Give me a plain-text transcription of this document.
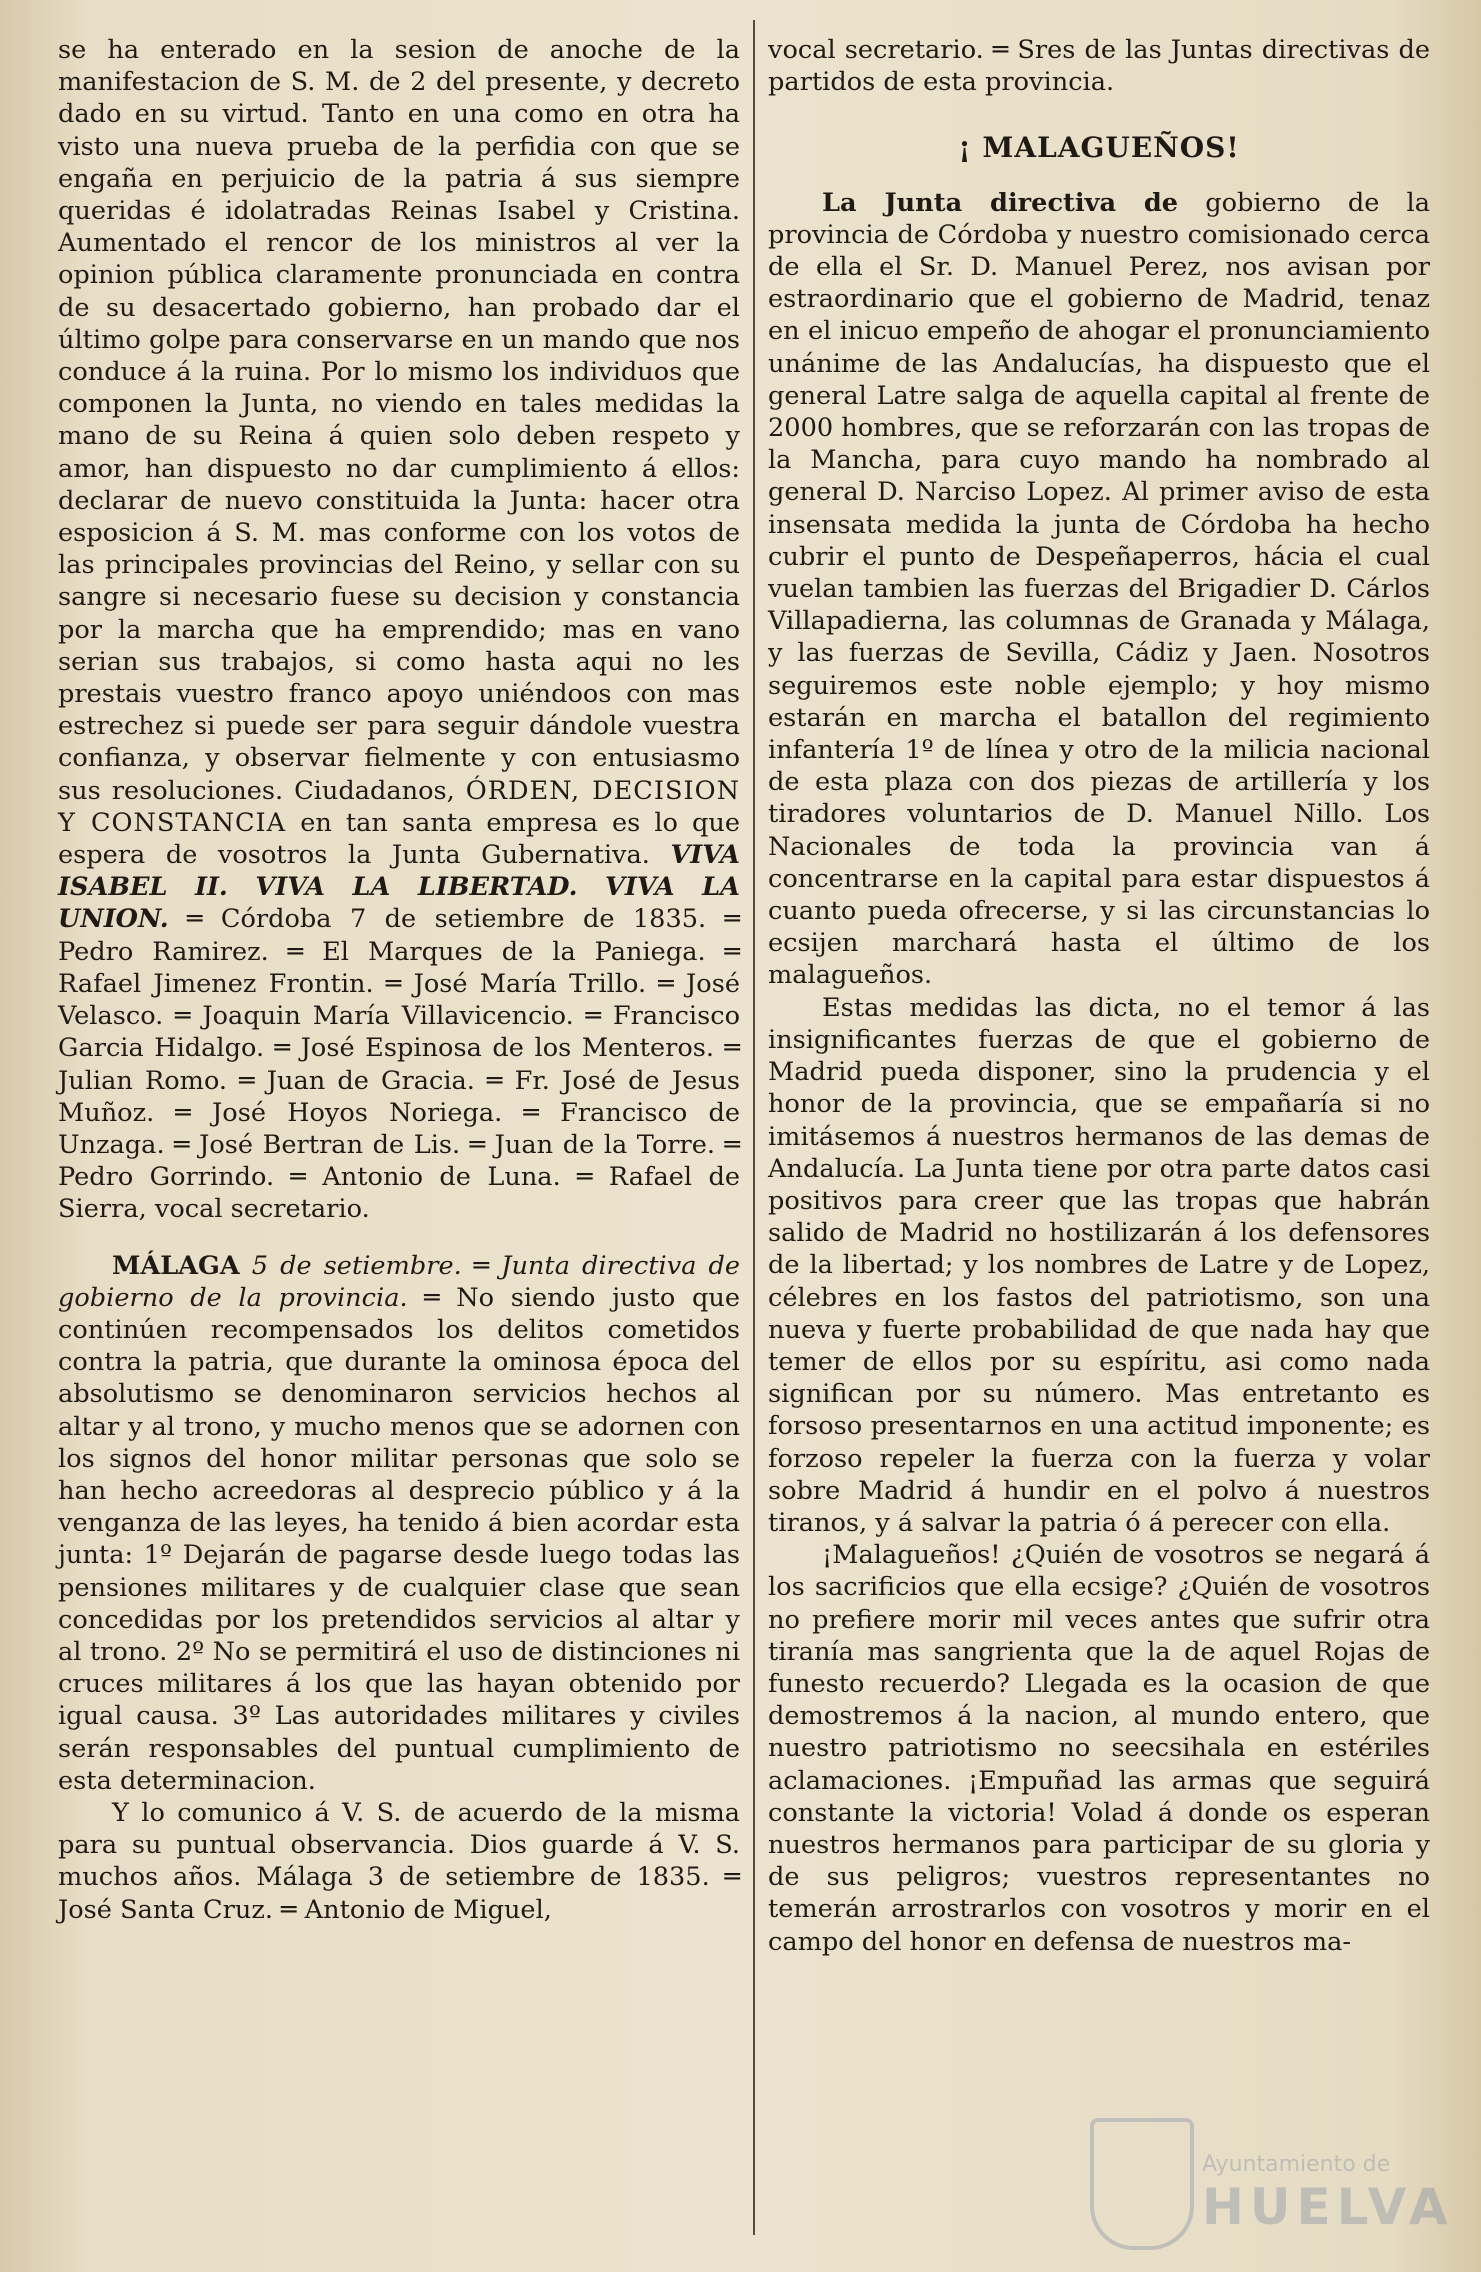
se ha enterado en la sesion de anoche de la manifestacion de S. M. de 2 del presente, y decreto dado en su virtud. Tanto en una como en otra ha visto una nueva prueba de la perfidia con que se engaña en perjuicio de la patria á sus siempre queridas é idolatradas Reinas Isabel y Cristina. Aumentado el rencor de los ministros al ver la opinion pública claramente pronunciada en contra de su desacertado gobierno, han probado dar el último golpe para conservarse en un mando que nos conduce á la ruina. Por lo mismo los individuos que componen la Junta, no viendo en tales medidas la mano de su Reina á quien solo deben respeto y amor, han dispuesto no dar cumplimiento á ellos: declarar de nuevo constituida la Junta: hacer otra esposicion á S. M. mas conforme con los votos de las principales provincias del Reino, y sellar con su sangre si necesario fuese su decision y constancia por la marcha que ha emprendido; mas en vano serian sus trabajos, si como hasta aqui no les prestais vuestro franco apoyo uniéndoos con mas estrechez si puede ser para seguir dándole vuestra confianza, y observar fielmente y con entusiasmo sus resoluciones. Ciudadanos, ÓRDEN, DECISION Y CONSTANCIA en tan santa empresa es lo que espera de vosotros la Junta Gubernativa. VIVA ISABEL II. VIVA LA LIBERTAD. VIVA LA UNION. ═ Córdoba 7 de setiembre de 1835. ═ Pedro Ramirez. ═ El Marques de la Paniega. ═ Rafael Jimenez Frontin. ═ José María Trillo. ═ José Velasco. ═ Joaquin María Villavicencio. ═ Francisco Garcia Hidalgo. ═ José Espinosa de los Menteros. ═ Julian Romo. ═ Juan de Gracia. ═ Fr. José de Jesus Muñoz. ═ José Hoyos Noriega. ═ Francisco de Unzaga. ═ José Bertran de Lis. ═ Juan de la Torre. ═ Pedro Gorrindo. ═ Antonio de Luna. ═ Rafael de Sierra, vocal secretario.

MÁLAGA 5 de setiembre. ═ Junta directiva de gobierno de la provincia. ═ No siendo justo que continúen recompensados los delitos cometidos contra la patria, que durante la ominosa época del absolutismo se denominaron servicios hechos al altar y al trono, y mucho menos que se adornen con los signos del honor militar personas que solo se han hecho acreedoras al desprecio público y á la venganza de las leyes, ha tenido á bien acordar esta junta: 1º Dejarán de pagarse desde luego todas las pensiones militares y de cualquier clase que sean concedidas por los pretendidos servicios al altar y al trono. 2º No se permitirá el uso de distinciones ni cruces militares á los que las hayan obtenido por igual causa. 3º Las autoridades militares y civiles serán responsables del puntual cumplimiento de esta determinacion.

Y lo comunico á V. S. de acuerdo de la misma para su puntual observancia. Dios guarde á V. S. muchos años. Málaga 3 de setiembre de 1835. ═ José Santa Cruz. ═ Antonio de Miguel,

vocal secretario. ═ Sres de las Juntas directivas de partidos de esta provincia.

¡ MALAGUEÑOS!

La Junta directiva de gobierno de la provincia de Córdoba y nuestro comisionado cerca de ella el Sr. D. Manuel Perez, nos avisan por estraordinario que el gobierno de Madrid, tenaz en el inicuo empeño de ahogar el pronunciamiento unánime de las Andalucías, ha dispuesto que el general Latre salga de aquella capital al frente de 2000 hombres, que se reforzarán con las tropas de la Mancha, para cuyo mando ha nombrado al general D. Narciso Lopez. Al primer aviso de esta insensata medida la junta de Córdoba ha hecho cubrir el punto de Despeñaperros, hácia el cual vuelan tambien las fuerzas del Brigadier D. Cárlos Villapadierna, las columnas de Granada y Málaga, y las fuerzas de Sevilla, Cádiz y Jaen. Nosotros seguiremos este noble ejemplo; y hoy mismo estarán en marcha el batallon del regimiento infantería 1º de línea y otro de la milicia nacional de esta plaza con dos piezas de artillería y los tiradores voluntarios de D. Manuel Nillo. Los Nacionales de toda la provincia van á concentrarse en la capital para estar dispuestos á cuanto pueda ofrecerse, y si las circunstancias lo ecsijen marchará hasta el último de los malagueños.

Estas medidas las dicta, no el temor á las insignificantes fuerzas de que el gobierno de Madrid pueda disponer, sino la prudencia y el honor de la provincia, que se empañaría si no imitásemos á nuestros hermanos de las demas de Andalucía. La Junta tiene por otra parte datos casi positivos para creer que las tropas que habrán salido de Madrid no hostilizarán á los defensores de la libertad; y los nombres de Latre y de Lopez, célebres en los fastos del patriotismo, son una nueva y fuerte probabilidad de que nada hay que temer de ellos por su espíritu, asi como nada significan por su número. Mas entretanto es forsoso presentarnos en una actitud imponente; es forzoso repeler la fuerza con la fuerza y volar sobre Madrid á hundir en el polvo á nuestros tiranos, y á salvar la patria ó á perecer con ella.

¡Malagueños! ¿Quién de vosotros se negará á los sacrificios que ella ecsige? ¿Quién de vosotros no prefiere morir mil veces antes que sufrir otra tiranía mas sangrienta que la de aquel Rojas de funesto recuerdo? Llegada es la ocasion de que demostremos á la nacion, al mundo entero, que nuestro patriotismo no seecsihala en estériles aclamaciones. ¡Empuñad las armas que seguirá constante la victoria! Volad á donde os esperan nuestros hermanos para participar de su gloria y de sus peligros; vuestros representantes no temerán arrostrarlos con vosotros y morir en el campo del honor en defensa de nuestros ma-

Ayuntamiento de
HUELVA
